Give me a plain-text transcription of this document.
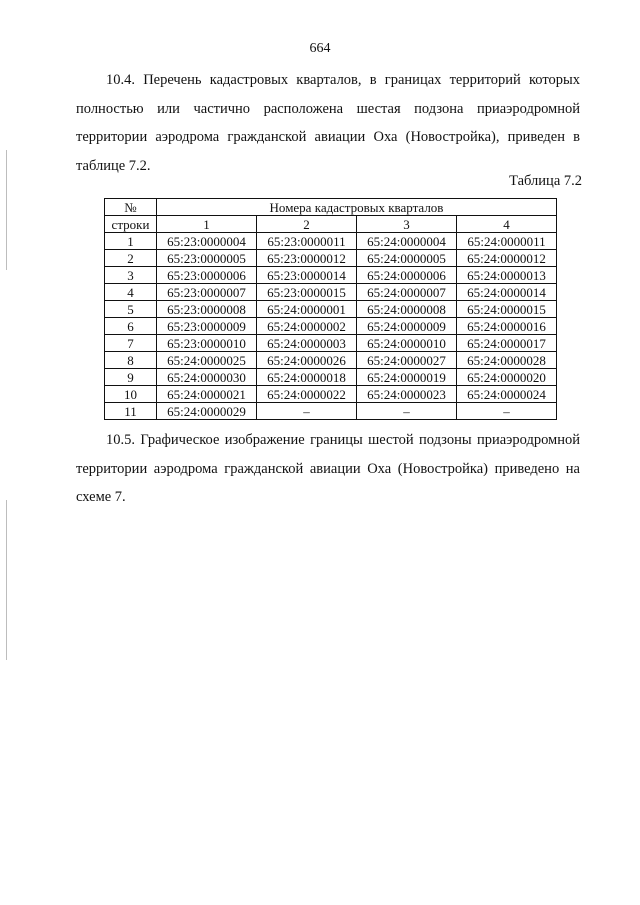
664

10.4. Перечень кадастровых кварталов, в границах территорий которых полностью или частично расположена шестая подзона приаэродромной территории аэродрома гражданской авиации Оха (Новостройка), приведен в таблице 7.2.

Таблица 7.2
№	Номера кадастровых кварталов			
строки	1	2	3	4
1	65:23:0000004	65:23:0000011	65:24:0000004	65:24:0000011
2	65:23:0000005	65:23:0000012	65:24:0000005	65:24:0000012
3	65:23:0000006	65:23:0000014	65:24:0000006	65:24:0000013
4	65:23:0000007	65:23:0000015	65:24:0000007	65:24:0000014
5	65:23:0000008	65:24:0000001	65:24:0000008	65:24:0000015
6	65:23:0000009	65:24:0000002	65:24:0000009	65:24:0000016
7	65:23:0000010	65:24:0000003	65:24:0000010	65:24:0000017
8	65:24:0000025	65:24:0000026	65:24:0000027	65:24:0000028
9	65:24:0000030	65:24:0000018	65:24:0000019	65:24:0000020
10	65:24:0000021	65:24:0000022	65:24:0000023	65:24:0000024
11	65:24:0000029	–	–	–

10.5. Графическое изображение границы шестой подзоны приаэродромной территории аэродрома гражданской авиации Оха (Новостройка) приведено на схеме 7.
